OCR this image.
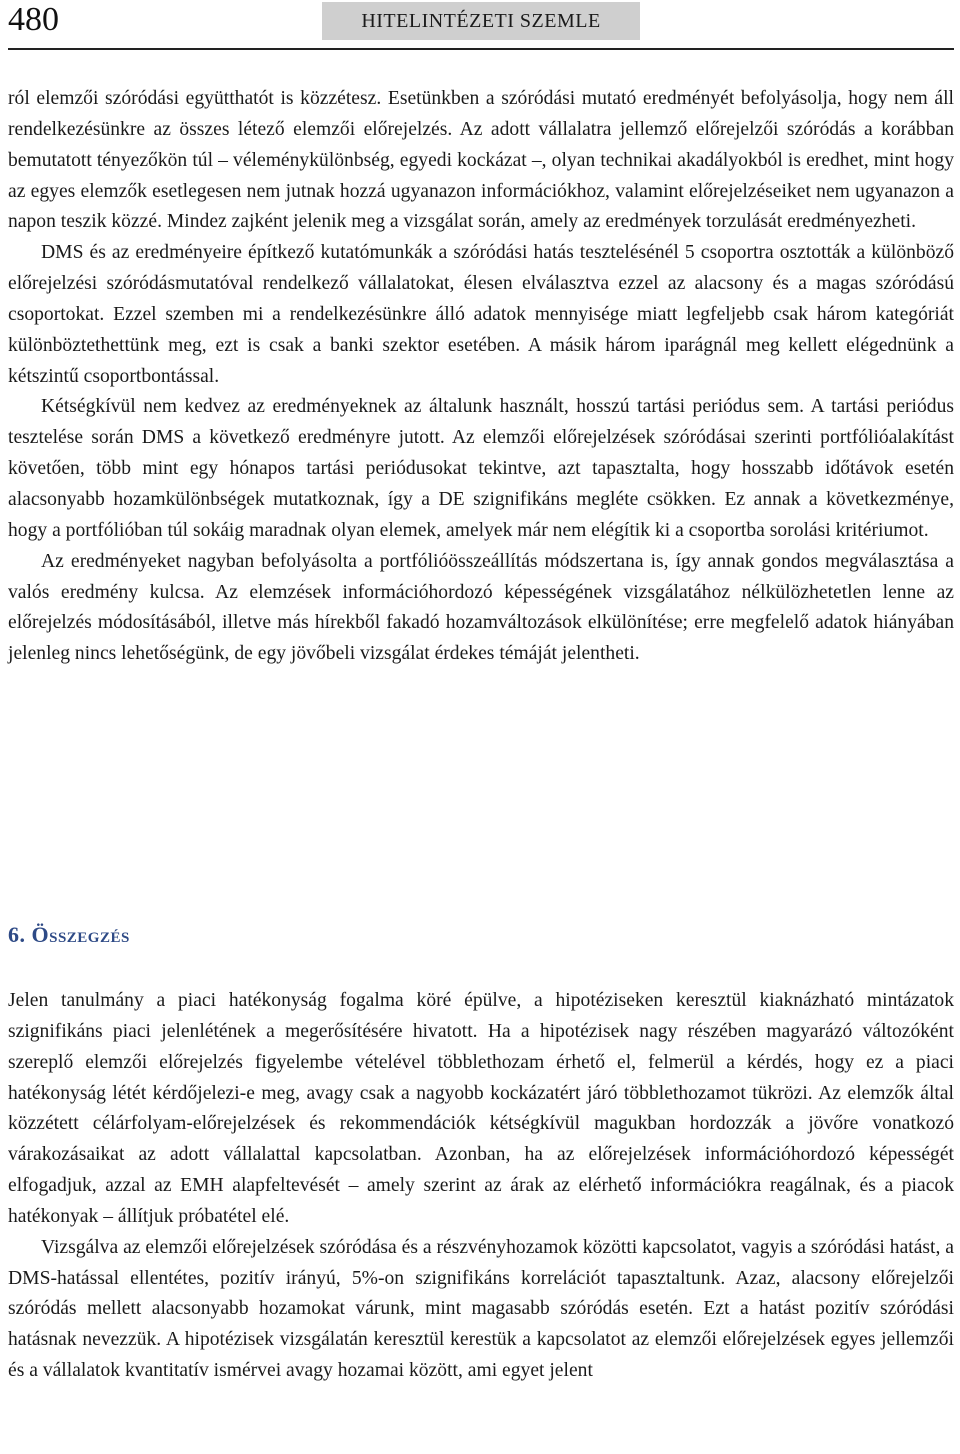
480	HITELINTÉZETI SZEMLE

ról elemzői szóródási együtthatót is közzétesz. Esetünkben a szóródási mutató eredményét befolyásolja, hogy nem áll rendelkezésünkre az összes létező elemzői előrejelzés. Az adott vállalatra jellemző előrejelzői szóródás a korábban bemutatott tényezőkön túl – véleménykülönbség, egyedi kockázat –, olyan technikai akadályokból is eredhet, mint hogy az egyes elemzők esetlegesen nem jutnak hozzá ugyanazon információkhoz, valamint előrejelzéseiket nem ugyanazon a napon teszik közzé. Mindez zajként jelenik meg a vizsgálat során, amely az eredmények torzulását eredményezheti.

DMS és az eredményeire építkező kutatómunkák a szóródási hatás tesztelésénél 5 csoportra osztották a különböző előrejelzési szóródásmutatóval rendelkező vállalatokat, élesen elválasztva ezzel az alacsony és a magas szóródású csoportokat. Ezzel szemben mi a rendelkezésünkre álló adatok mennyisége miatt legfeljebb csak három kategóriát különböztethettünk meg, ezt is csak a banki szektor esetében. A másik három iparágnál meg kellett elégednünk a kétszintű csoportbontással.

Kétségkívül nem kedvez az eredményeknek az általunk használt, hosszú tartási periódus sem. A tartási periódus tesztelése során DMS a következő eredményre jutott. Az elemzői előrejelzések szóródásai szerinti portfólióalakítást követően, több mint egy hónapos tartási periódusokat tekintve, azt tapasztalta, hogy hosszabb időtávok esetén alacsonyabb hozamkülönbségek mutatkoznak, így a DE szignifikáns megléte csökken. Ez annak a következménye, hogy a portfólióban túl sokáig maradnak olyan elemek, amelyek már nem elégítik ki a csoportba sorolási kritériumot.

Az eredményeket nagyban befolyásolta a portfólióösszeállítás módszertana is, így annak gondos megválasztása a valós eredmény kulcsa. Az elemzések információhordozó képességének vizsgálatához nélkülözhetetlen lenne az előrejelzés módosításából, illetve más hírekből fakadó hozamváltozások elkülönítése; erre megfelelő adatok hiányában jelenleg nincs lehetőségünk, de egy jövőbeli vizsgálat érdekes témáját jelentheti.

6. Összegzés

Jelen tanulmány a piaci hatékonyság fogalma köré épülve, a hipotéziseken keresztül kiaknázható mintázatok szignifikáns piaci jelenlétének a megerősítésére hivatott. Ha a hipotézisek nagy részében magyarázó változóként szereplő elemzői előrejelzés figyelembe vételével többlethozam érhető el, felmerül a kérdés, hogy ez a piaci hatékonyság létét kérdőjelezi-e meg, avagy csak a nagyobb kockázatért járó többlethozamot tükrözi. Az elemzők által közzétett célárfolyam-előrejelzések és rekommendációk kétségkívül magukban hordozzák a jövőre vonatkozó várakozásaikat az adott vállalattal kapcsolatban. Azonban, ha az előrejelzések információhordozó képességét elfogadjuk, azzal az EMH alapfeltevését – amely szerint az árak az elérhető információkra reagálnak, és a piacok hatékonyak – állítjuk próbatétel elé.

Vizsgálva az elemzői előrejelzések szóródása és a részvényhozamok közötti kapcsolatot, vagyis a szóródási hatást, a DMS-hatással ellentétes, pozitív irányú, 5%-on szignifikáns korrelációt tapasztaltunk. Azaz, alacsony előrejelzői szóródás mellett alacsonyabb hozamokat várunk, mint magasabb szóródás esetén. Ezt a hatást pozitív szóródási hatásnak nevezzük. A hipotézisek vizsgálatán keresztül kerestük a kapcsolatot az elemzői előrejelzések egyes jellemzői és a vállalatok kvantitatív ismérvei avagy hozamai között, ami egyet jelent
